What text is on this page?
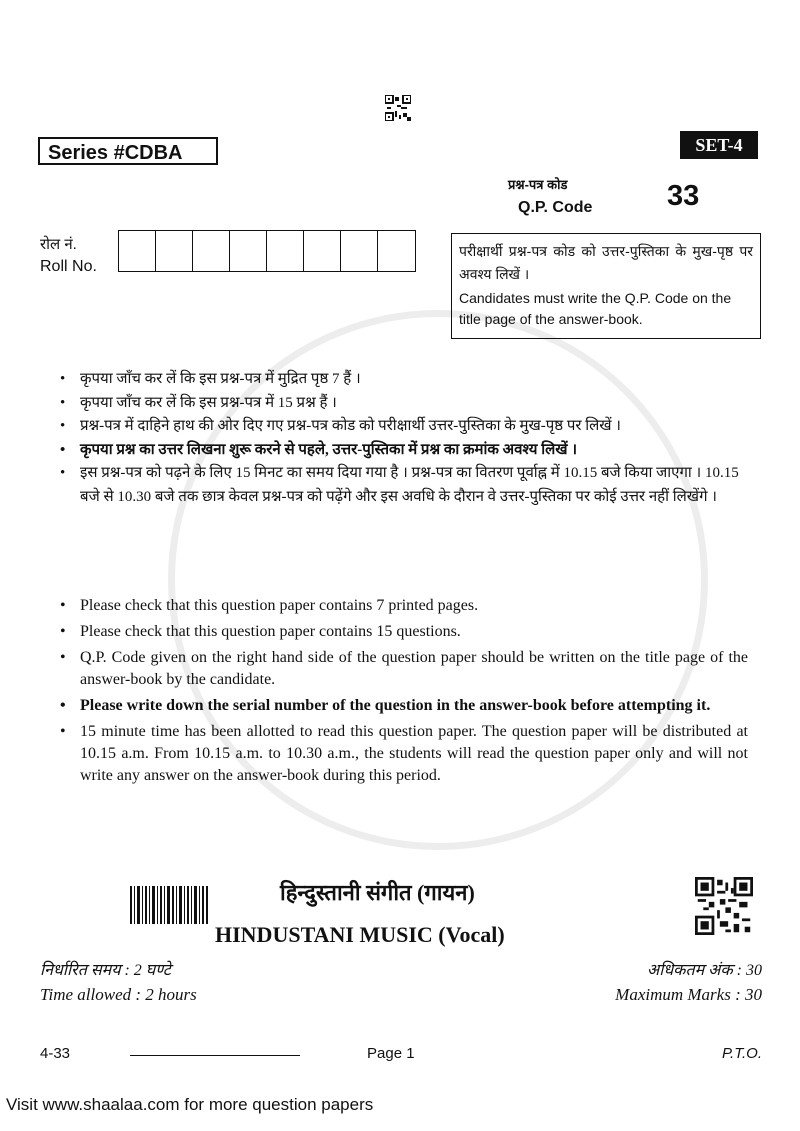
Series #CDBA	SET-4
प्रश्न-पत्र कोड
Q.P. Code	33
रोल नं.
Roll No.
परीक्षार्थी प्रश्न-पत्र कोड को उत्तर-पुस्तिका के मुख-पृष्ठ पर अवश्य लिखें ।
Candidates must write the Q.P. Code on the title page of the answer-book.
• कृपया जाँच कर लें कि इस प्रश्न-पत्र में मुद्रित पृष्ठ 7 हैं ।
• कृपया जाँच कर लें कि इस प्रश्न-पत्र में 15 प्रश्न हैं ।
• प्रश्न-पत्र में दाहिने हाथ की ओर दिए गए प्रश्न-पत्र कोड को परीक्षार्थी उत्तर-पुस्तिका के मुख-पृष्ठ पर लिखें ।
• कृपया प्रश्न का उत्तर लिखना शुरू करने से पहले, उत्तर-पुस्तिका में प्रश्न का क्रमांक अवश्य लिखें ।
• इस प्रश्न-पत्र को पढ़ने के लिए 15 मिनट का समय दिया गया है । प्रश्न-पत्र का वितरण पूर्वाह्न में 10.15 बजे किया जाएगा । 10.15 बजे से 10.30 बजे तक छात्र केवल प्रश्न-पत्र को पढ़ेंगे और इस अवधि के दौरान वे उत्तर-पुस्तिका पर कोई उत्तर नहीं लिखेंगे ।
• Please check that this question paper contains 7 printed pages.
• Please check that this question paper contains 15 questions.
• Q.P. Code given on the right hand side of the question paper should be written on the title page of the answer-book by the candidate.
• Please write down the serial number of the question in the answer-book before attempting it.
• 15 minute time has been allotted to read this question paper. The question paper will be distributed at 10.15 a.m. From 10.15 a.m. to 10.30 a.m., the students will read the question paper only and will not write any answer on the answer-book during this period.
हिन्दुस्तानी संगीत (गायन)
HINDUSTANI MUSIC (Vocal)
निर्धारित समय : 2 घण्टे
Time allowed : 2 hours
अधिकतम अंक : 30
Maximum Marks : 30
4-33	Page 1	P.T.O.
Visit www.shaalaa.com for more question papers
